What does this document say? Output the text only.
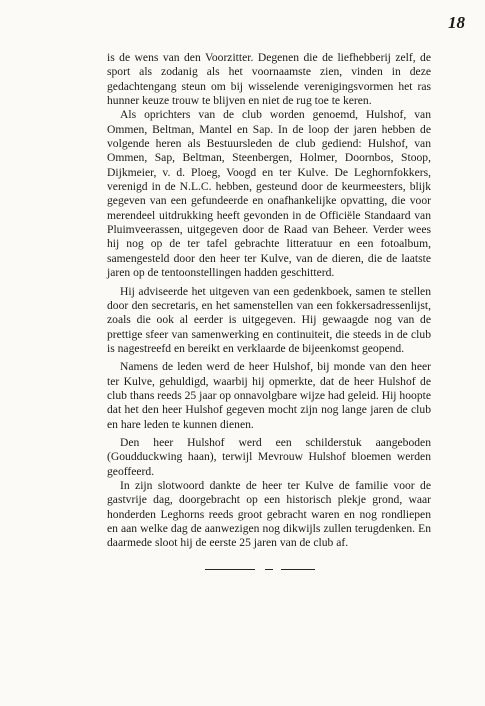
18

is de wens van den Voorzitter. Degenen die de liefhebberij zelf, de sport als zodanig als het voornaamste zien, vinden in deze gedachtengang steun om bij wisselende verenigingsvormen het ras hunner keuze trouw te blijven en niet de rug toe te keren.

Als oprichters van de club worden genoemd, Hulshof, van Ommen, Beltman, Mantel en Sap. In de loop der jaren hebben de volgende heren als Bestuursleden de club gediend: Hulshof, van Ommen, Sap, Beltman, Steenbergen, Holmer, Doornbos, Stoop, Dijkmeier, v. d. Ploeg, Voogd en ter Kulve. De Leghornfokkers, verenigd in de N.L.C. hebben, gesteund door de keurmeesters, blijk gegeven van een gefundeerde en onafhankelijke opvatting, die voor merendeel uitdrukking heeft gevonden in de Officiële Standaard van Pluimveerassen, uitgegeven door de Raad van Beheer. Verder wees hij nog op de ter tafel gebrachte litteratuur en een fotoalbum, samengesteld door den heer ter Kulve, van de dieren, die de laatste jaren op de tentoonstellingen hadden geschitterd.

Hij adviseerde het uitgeven van een gedenkboek, samen te stellen door den secretaris, en het samenstellen van een fokkersadressenlijst, zoals die ook al eerder is uitgegeven. Hij gewaagde nog van de prettige sfeer van samenwerking en continuiteit, die steeds in de club is nagestreefd en bereikt en verklaarde de bijeenkomst geopend.

Namens de leden werd de heer Hulshof, bij monde van den heer ter Kulve, gehuldigd, waarbij hij opmerkte, dat de heer Hulshof de club thans reeds 25 jaar op onnavolgbare wijze had geleid. Hij hoopte dat het den heer Hulshof gegeven mocht zijn nog lange jaren de club en hare leden te kunnen dienen.

Den heer Hulshof werd een schilderstuk aangeboden (Goudduckwing haan), terwijl Mevrouw Hulshof bloemen werden geoffeerd.

In zijn slotwoord dankte de heer ter Kulve de familie voor de gastvrije dag, doorgebracht op een historisch plekje grond, waar honderden Leghorns reeds groot gebracht waren en nog rondliepen en aan welke dag de aanwezigen nog dikwijls zullen terugdenken. En daarmede sloot hij de eerste 25 jaren van de club af.
